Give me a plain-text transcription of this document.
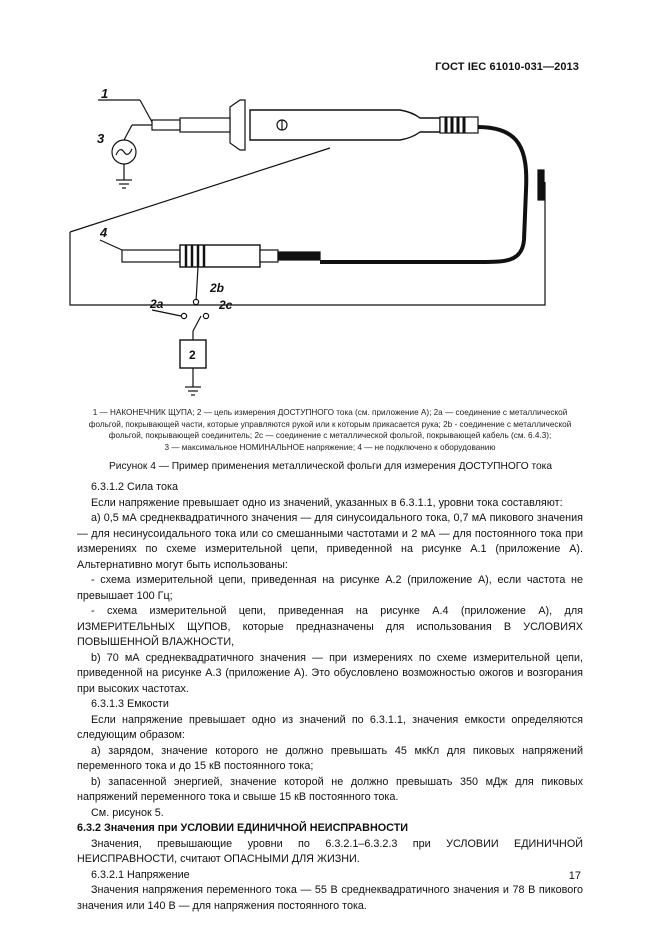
ГОСТ IEC 61010-031—2013
1
3
4
2b
2a	2c
2
1 — НАКОНЕЧНИК ЩУПА; 2 — цепь измерения ДОСТУПНОГО тока (см. приложение А); 2a — соединение с металлической
фольгой, покрывающей части, которые управляются рукой или к которым прикасается рука; 2b - соединение с металлической
фольгой, покрывающей соединитель; 2c — соединение с металлической фольгой, покрывающей кабель (см. 6.4.3);
3 — максимальное НОМИНАЛЬНОЕ напряжение; 4 — не подключено к оборудованию
Рисунок 4 — Пример применения металлической фольги для измерения ДОСТУПНОГО тока

6.3.1.2 Сила тока

Если напряжение превышает одно из значений, указанных в 6.3.1.1, уровни тока составляют:

a) 0,5 мА среднеквадратичного значения — для синусоидального тока, 0,7 мА пикового значения — для несинусоидального тока или со смешанными частотами и 2 мА — для постоянного тока при измерениях по схеме измерительной цепи, приведенной на рисунке А.1 (приложение А). Альтернативно могут быть использованы:

- схема измерительной цепи, приведенная на рисунке А.2 (приложение А), если частота не превышает 100 Гц;

- схема измерительной цепи, приведенная на рисунке А.4 (приложение А), для ИЗМЕРИТЕЛЬНЫХ ЩУПОВ, которые предназначены для использования В УСЛОВИЯХ ПОВЫШЕННОЙ ВЛАЖНОСТИ,

b) 70 мА среднеквадратичного значения — при измерениях по схеме измерительной цепи, приведенной на рисунке А.3 (приложение А). Это обусловлено возможностью ожогов и возгорания при высоких частотах.

6.3.1.3 Емкости

Если напряжение превышает одно из значений по 6.3.1.1, значения емкости определяются следующим образом:

a) зарядом, значение которого не должно превышать 45 мкКл для пиковых напряжений переменного тока и до 15 кВ постоянного тока;

b) запасенной энергией, значение которой не должно превышать 350 мДж для пиковых напряжений переменного тока и свыше 15 кВ постоянного тока.

См. рисунок 5.

6.3.2 Значения при УСЛОВИИ ЕДИНИЧНОЙ НЕИСПРАВНОСТИ

Значения, превышающие уровни по 6.3.2.1–6.3.2.3 при УСЛОВИИ ЕДИНИЧНОЙ НЕИСПРАВНОСТИ, считают ОПАСНЫМИ ДЛЯ ЖИЗНИ.

6.3.2.1 Напряжение

Значения напряжения переменного тока — 55 В среднеквадратичного значения и 78 В пикового значения или 140 В — для напряжения постоянного тока.

17
